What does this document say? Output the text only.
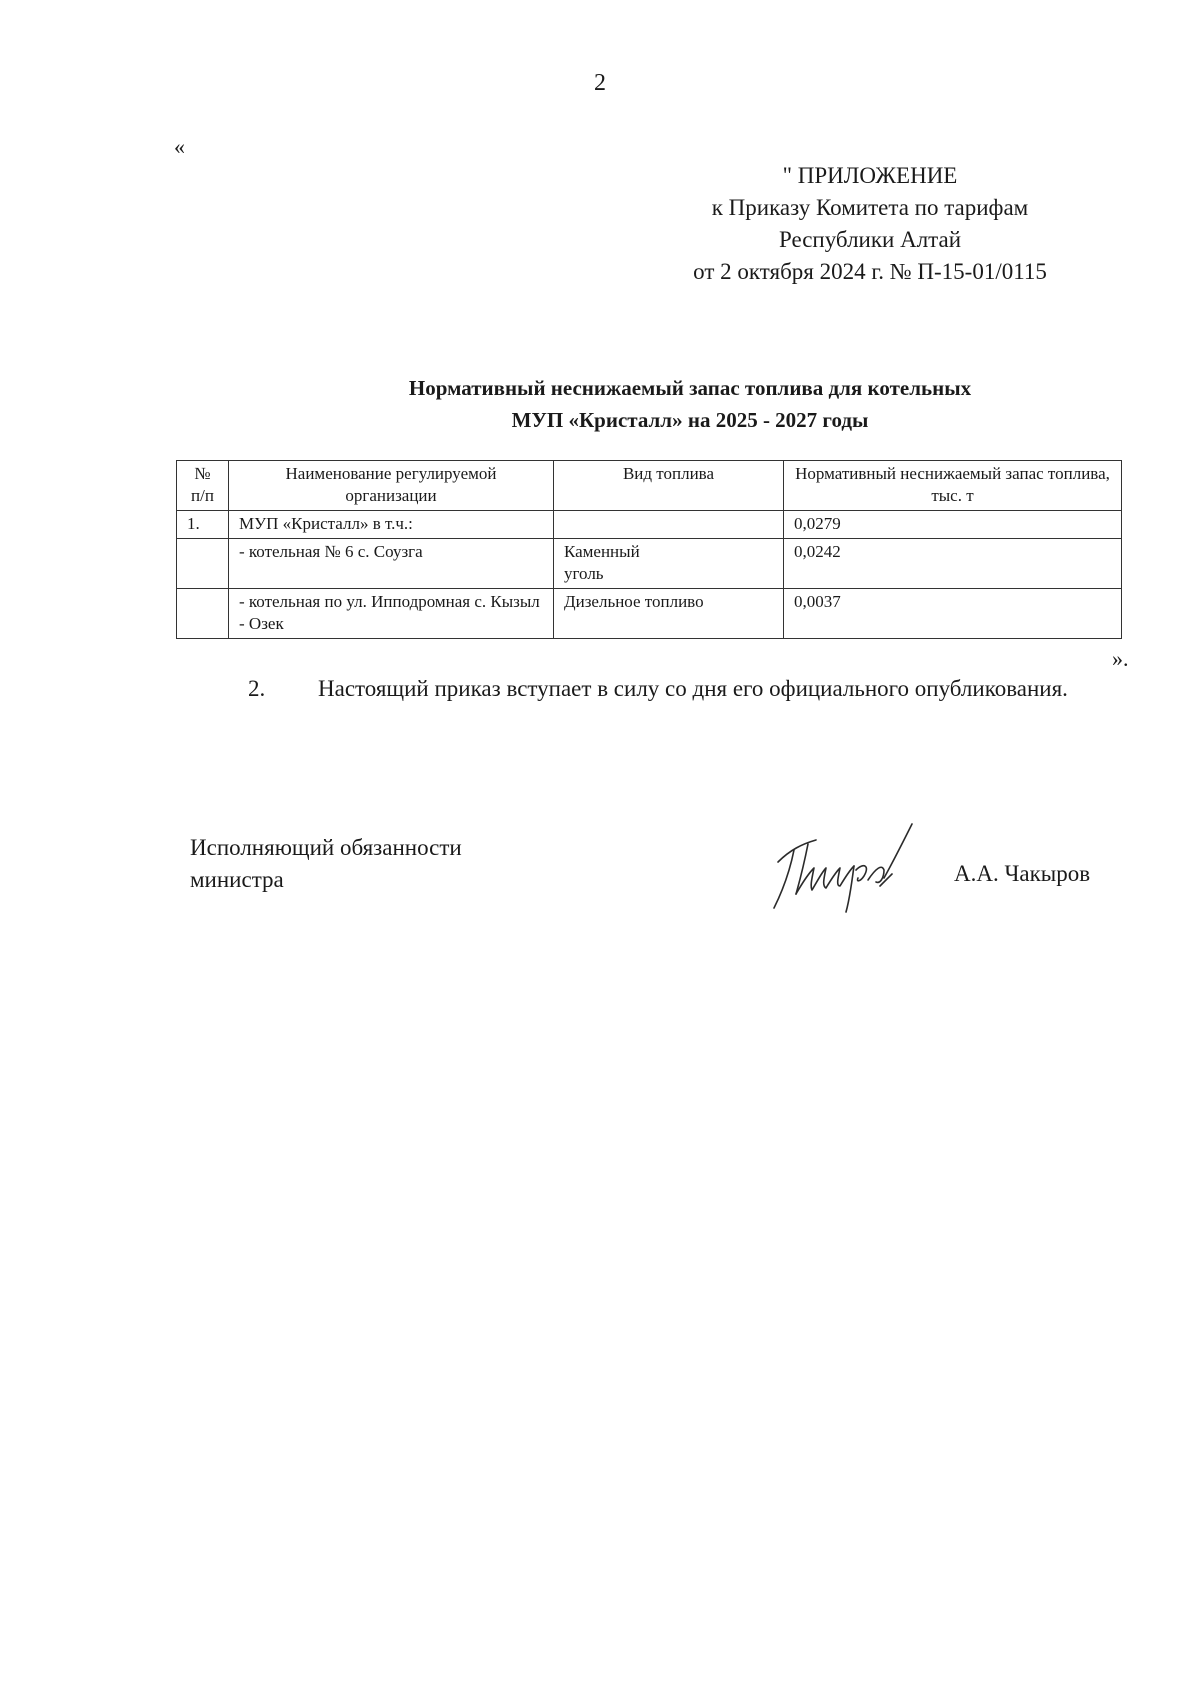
2
«
" ПРИЛОЖЕНИЕ
к Приказу Комитета по тарифам
Республики Алтай
от 2 октября 2024 г. № П-15-01/0115
Нормативный неснижаемый запас топлива для котельных
МУП «Кристалл» на 2025 - 2027 годы
№ п/п	Наименование регулируемой организации	Вид топлива	Нормативный неснижаемый запас топлива, тыс. т
1.	МУП «Кристалл» в т.ч.:		0,0279
	- котельная № 6 с. Соузга	Каменный уголь	0,0242
	- котельная по ул. Ипподромная с. Кызыл - Озек	Дизельное топливо	0,0037
».
2. Настоящий приказ вступает в силу со дня его официального опубликования.
Исполняющий обязанности
министра	А.А. Чакыров
